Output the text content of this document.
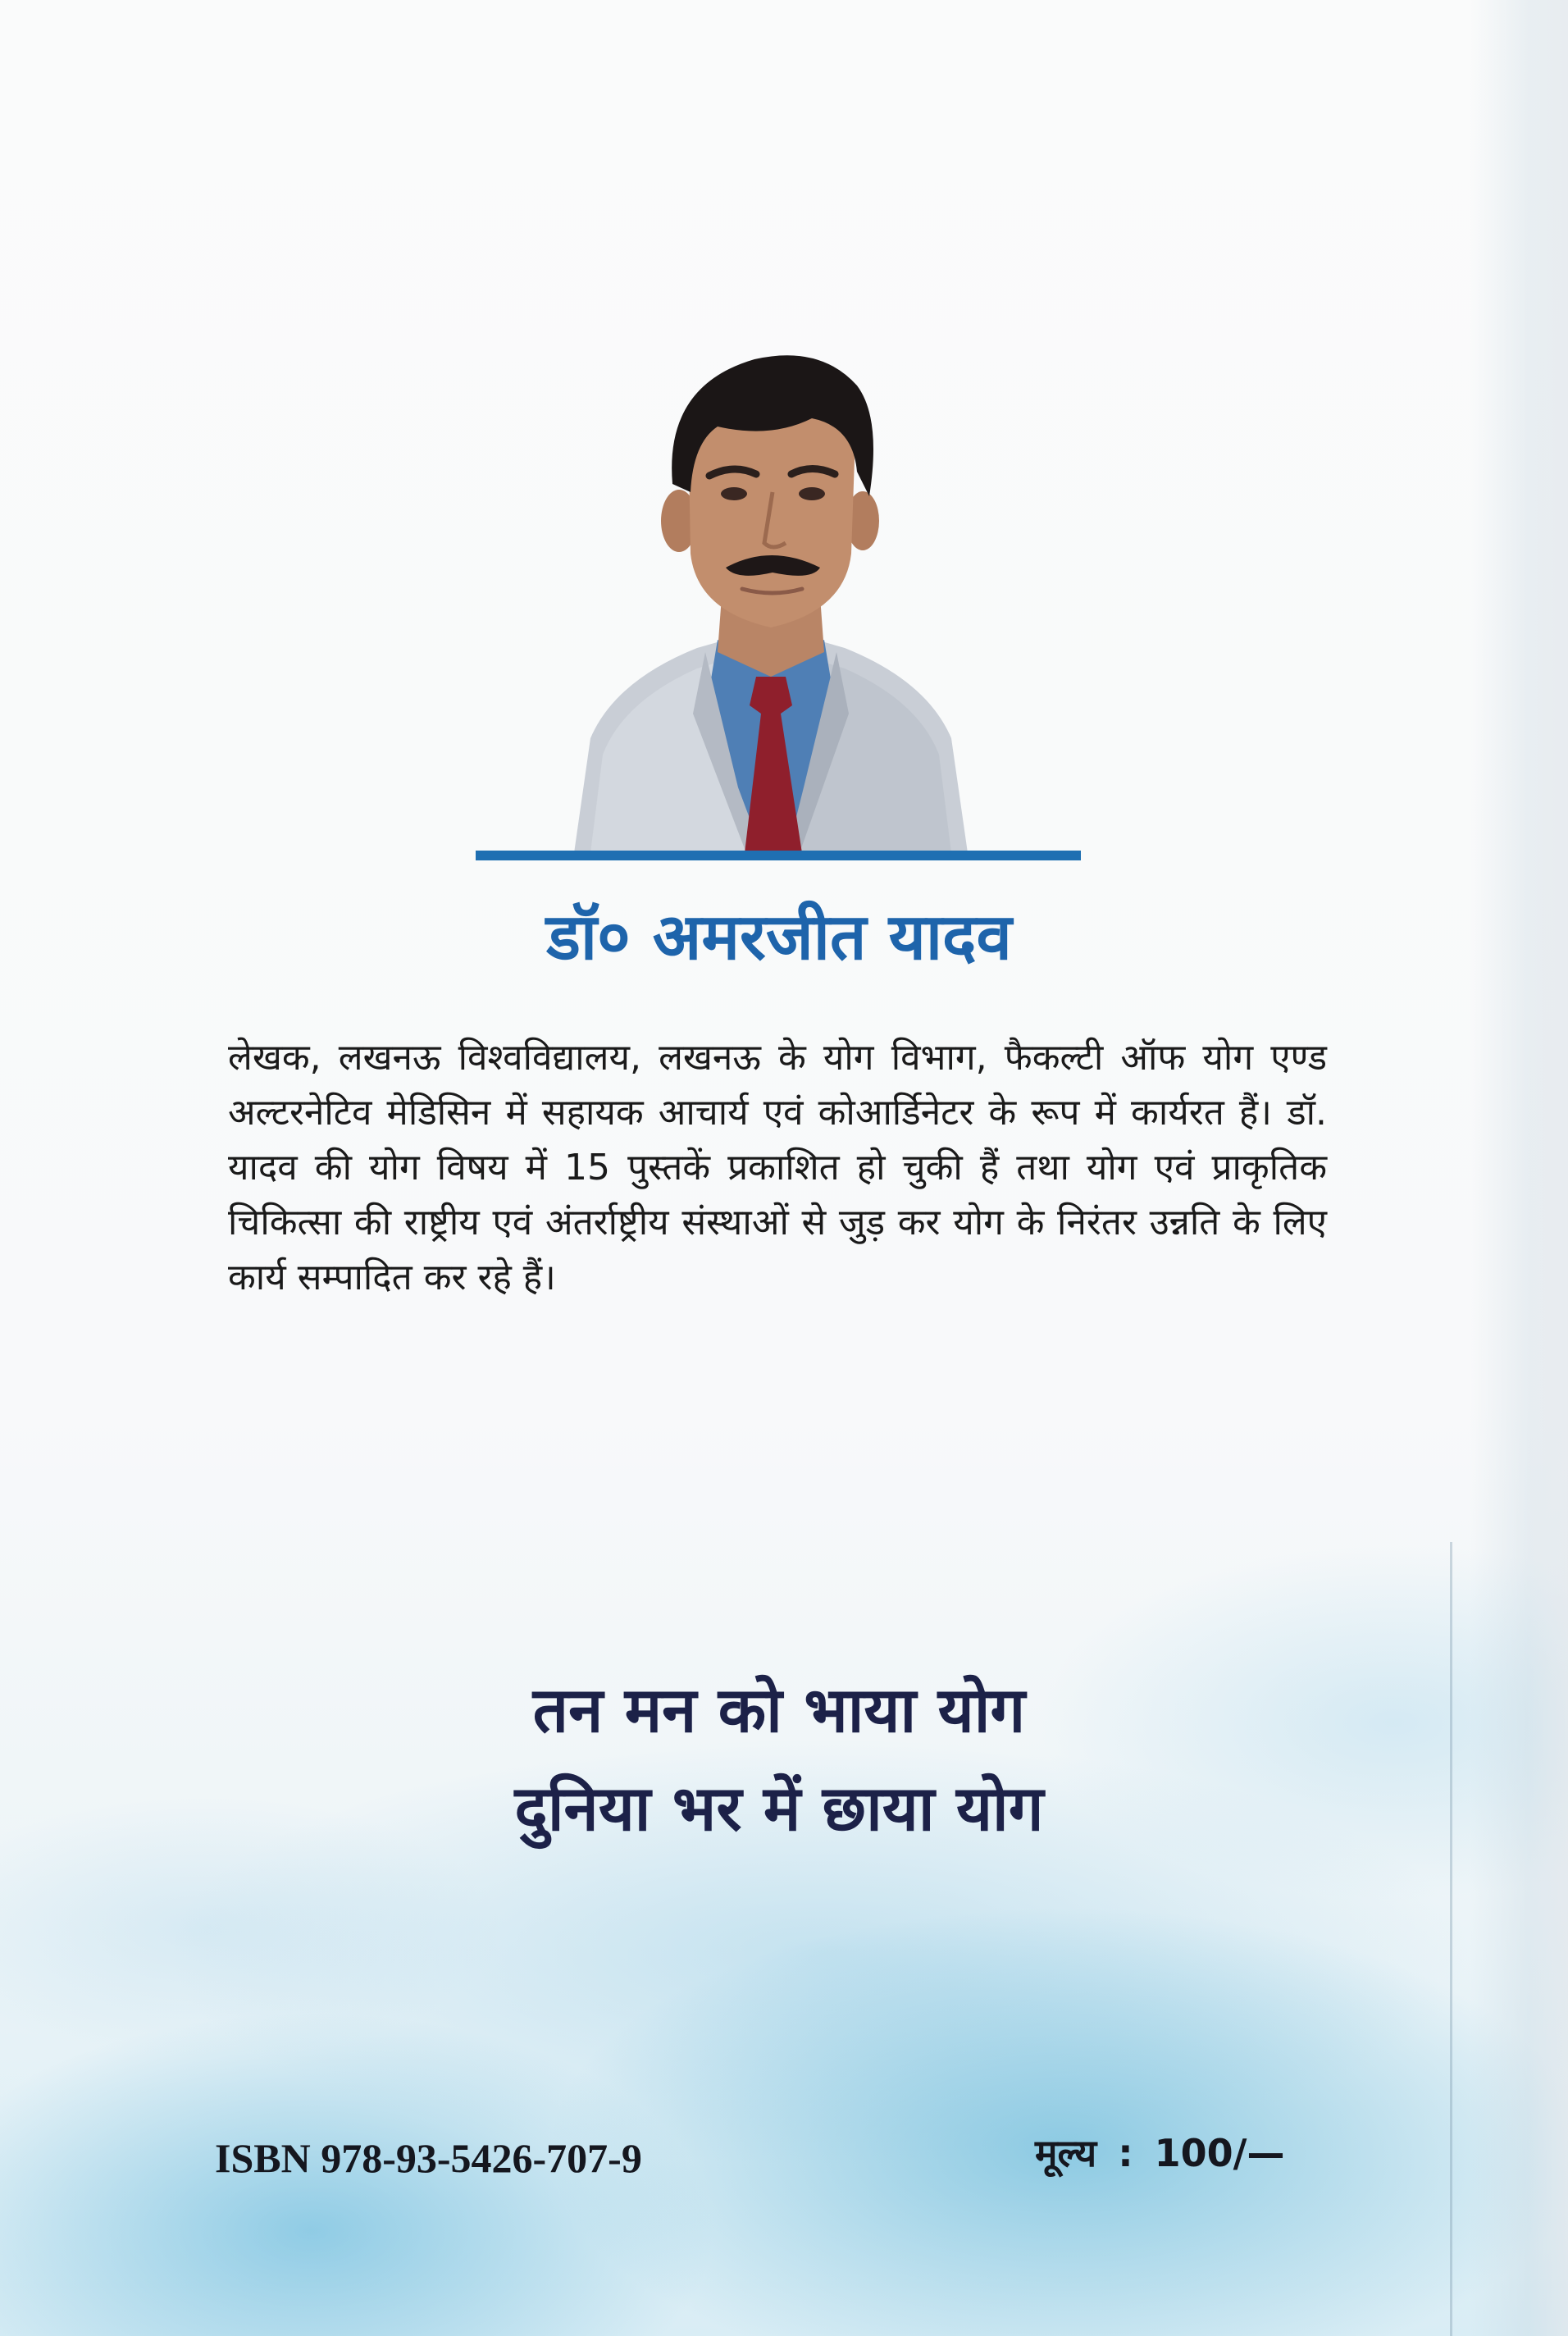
डॉ० अमरजीत यादव

लेखक, लखनऊ विश्वविद्यालय, लखनऊ के योग विभाग, फैकल्टी ऑफ योग एण्ड अल्टरनेटिव मेडिसिन में सहायक आचार्य एवं कोआर्डिनेटर के रूप में कार्यरत हैं। डॉ. यादव की योग विषय में 15 पुस्तकें प्रकाशित हो चुकी हैं तथा योग एवं प्राकृतिक चिकित्सा की राष्ट्रीय एवं अंतर्राष्ट्रीय संस्थाओं से जुड़ कर योग के निरंतर उन्नति के लिए कार्य सम्पादित कर रहे हैं।

तन मन को भाया योग
दुनिया भर में छाया योग
ISBN 978-93-5426-707-9	मूल्य : 100/—
